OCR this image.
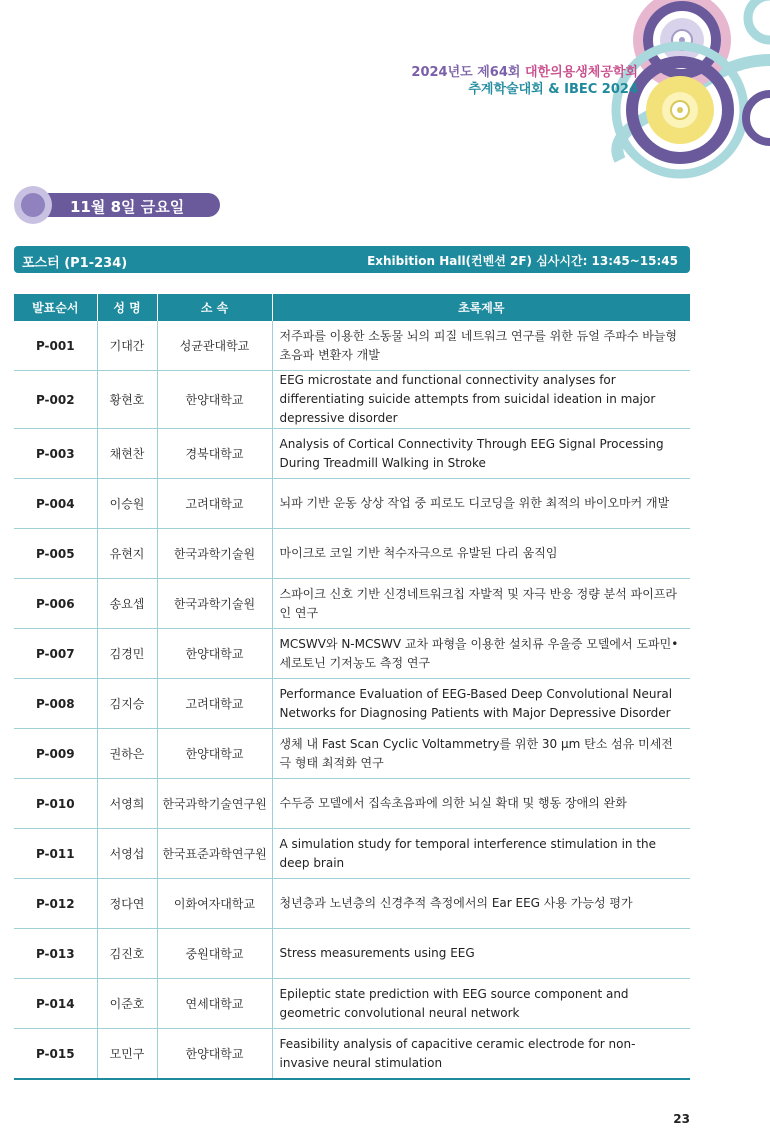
2024년도 제64회 대한의용생체공학회
추계학술대회 & IBEC 2024
11월 8일 금요일
포스터 (P1-234)	Exhibition Hall(컨벤션 2F) 심사시간: 13:45~15:45
발표순서	성 명	소 속	초록제목
P-001	기대간	성균관대학교	저주파를 이용한 소동물 뇌의 피질 네트워크 연구를 위한 듀얼 주파수 바늘형 초음파 변환자 개발
P-002	황현호	한양대학교	EEG microstate and functional connectivity analyses for differentiating suicide attempts from suicidal ideation in major depressive disorder
P-003	채현찬	경북대학교	Analysis of Cortical Connectivity Through EEG Signal Processing During Treadmill Walking in Stroke
P-004	이승원	고려대학교	뇌파 기반 운동 상상 작업 중 피로도 디코딩을 위한 최적의 바이오마커 개발
P-005	유현지	한국과학기술원	마이크로 코일 기반 척수자극으로 유발된 다리 움직임
P-006	송요셉	한국과학기술원	스파이크 신호 기반 신경네트워크칩 자발적 및 자극 반응 정량 분석 파이프라인 연구
P-007	김경민	한양대학교	MCSWV와 N-MCSWV 교차 파형을 이용한 설치류 우울증 모델에서 도파민•세로토닌 기저농도 측정 연구
P-008	김지승	고려대학교	Performance Evaluation of EEG-Based Deep Convolutional Neural Networks for Diagnosing Patients with Major Depressive Disorder
P-009	권하은	한양대학교	생체 내 Fast Scan Cyclic Voltammetry를 위한 30 μm 탄소 섬유 미세전극 형태 최적화 연구
P-010	서영희	한국과학기술연구원	수두증 모델에서 집속초음파에 의한 뇌실 확대 및 행동 장애의 완화
P-011	서영섭	한국표준과학연구원	A simulation study for temporal interference stimulation in the deep brain
P-012	정다연	이화여자대학교	청년층과 노년층의 신경추적 측정에서의 Ear EEG 사용 가능성 평가
P-013	김진호	중원대학교	Stress measurements using EEG
P-014	이준호	연세대학교	Epileptic state prediction with EEG source component and geometric convolutional neural network
P-015	모민구	한양대학교	Feasibility analysis of capacitive ceramic electrode for non-invasive neural stimulation
23
